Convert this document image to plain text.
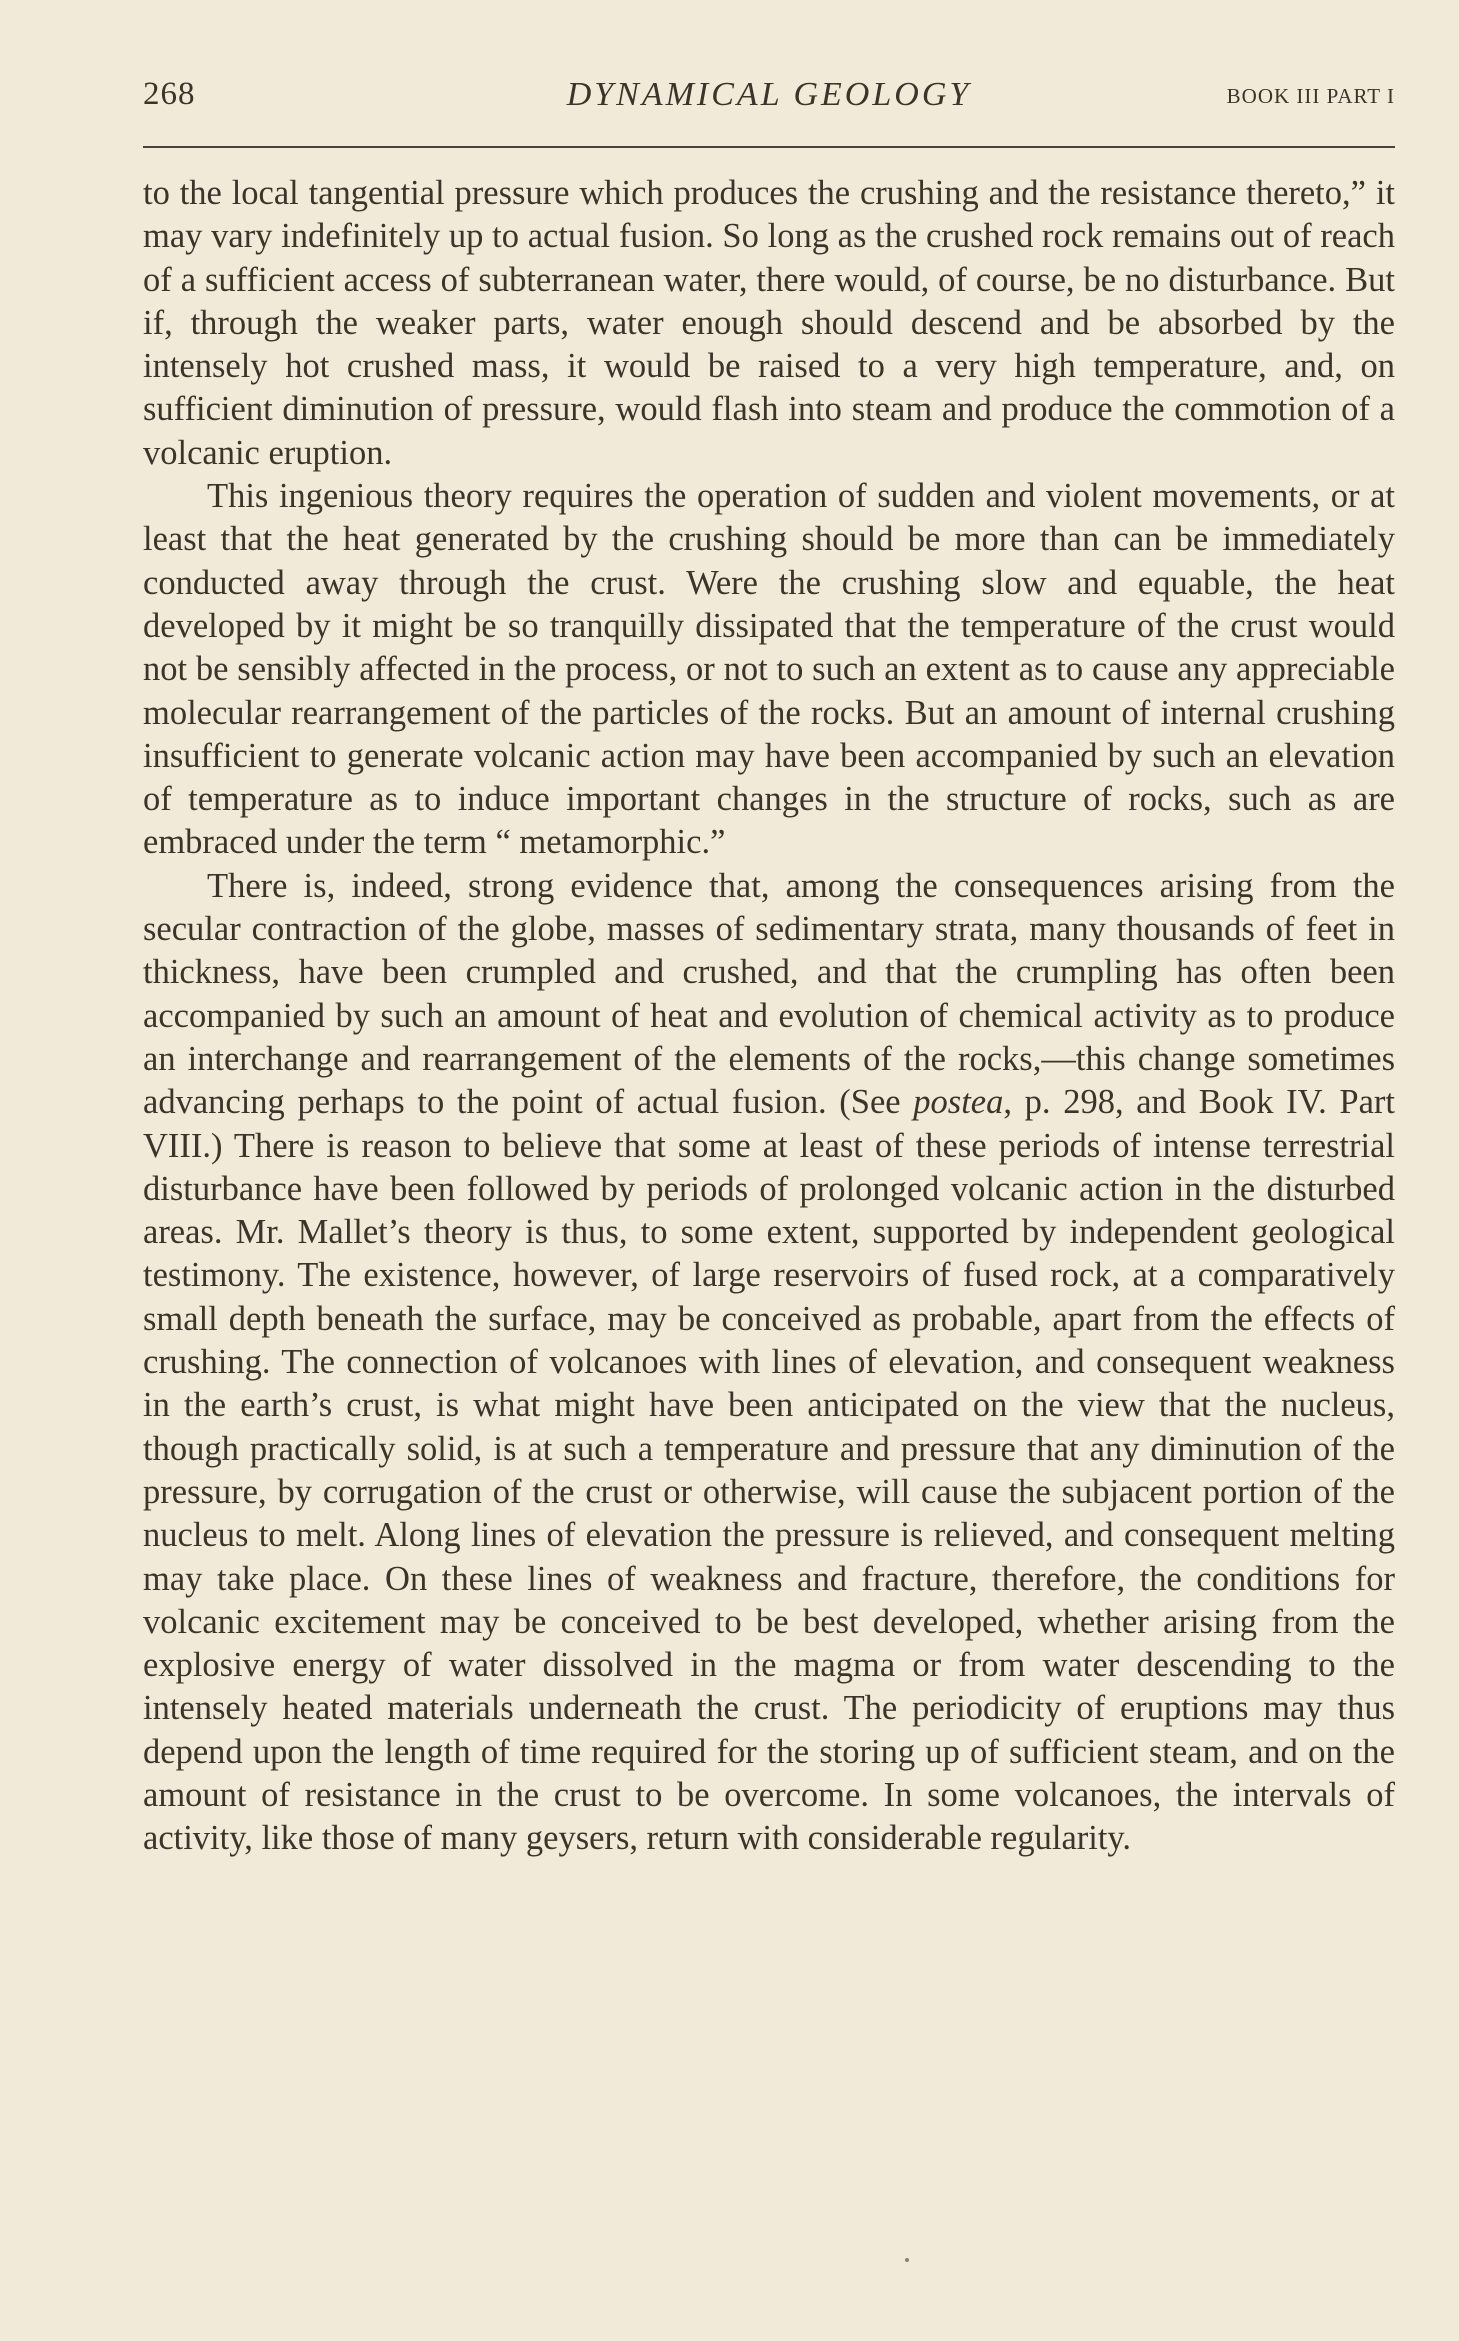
268	DYNAMICAL GEOLOGY	BOOK III PART I

to the local tangential pressure which produces the crushing and the resistance thereto,” it may vary indefinitely up to actual fusion. So long as the crushed rock remains out of reach of a sufficient access of subterranean water, there would, of course, be no disturbance. But if, through the weaker parts, water enough should descend and be absorbed by the intensely hot crushed mass, it would be raised to a very high temperature, and, on sufficient diminution of pressure, would flash into steam and produce the commotion of a volcanic eruption.

This ingenious theory requires the operation of sudden and violent movements, or at least that the heat generated by the crushing should be more than can be immediately conducted away through the crust. Were the crushing slow and equable, the heat developed by it might be so tranquilly dissipated that the temperature of the crust would not be sensibly affected in the process, or not to such an extent as to cause any appreciable molecular rearrangement of the particles of the rocks. But an amount of internal crushing insufficient to generate volcanic action may have been accompanied by such an elevation of temperature as to induce important changes in the structure of rocks, such as are embraced under the term “ metamorphic.”

There is, indeed, strong evidence that, among the consequences arising from the secular contraction of the globe, masses of sedimentary strata, many thousands of feet in thickness, have been crumpled and crushed, and that the crumpling has often been accompanied by such an amount of heat and evolution of chemical activity as to produce an interchange and rearrangement of the elements of the rocks,—this change sometimes advancing perhaps to the point of actual fusion. (See postea, p. 298, and Book IV. Part VIII.) There is reason to believe that some at least of these periods of intense terrestrial disturbance have been followed by periods of prolonged volcanic action in the disturbed areas. Mr. Mallet’s theory is thus, to some extent, supported by independent geological testimony. The existence, however, of large reservoirs of fused rock, at a comparatively small depth beneath the surface, may be conceived as probable, apart from the effects of crushing. The connection of volcanoes with lines of elevation, and consequent weakness in the earth’s crust, is what might have been anticipated on the view that the nucleus, though practically solid, is at such a temperature and pressure that any diminution of the pressure, by corrugation of the crust or otherwise, will cause the subjacent portion of the nucleus to melt. Along lines of elevation the pressure is relieved, and consequent melting may take place. On these lines of weakness and fracture, therefore, the conditions for volcanic excitement may be conceived to be best developed, whether arising from the explosive energy of water dissolved in the magma or from water descending to the intensely heated materials underneath the crust. The periodicity of eruptions may thus depend upon the length of time required for the storing up of sufficient steam, and on the amount of resistance in the crust to be overcome. In some volcanoes, the intervals of activity, like those of many geysers, return with considerable regularity.
